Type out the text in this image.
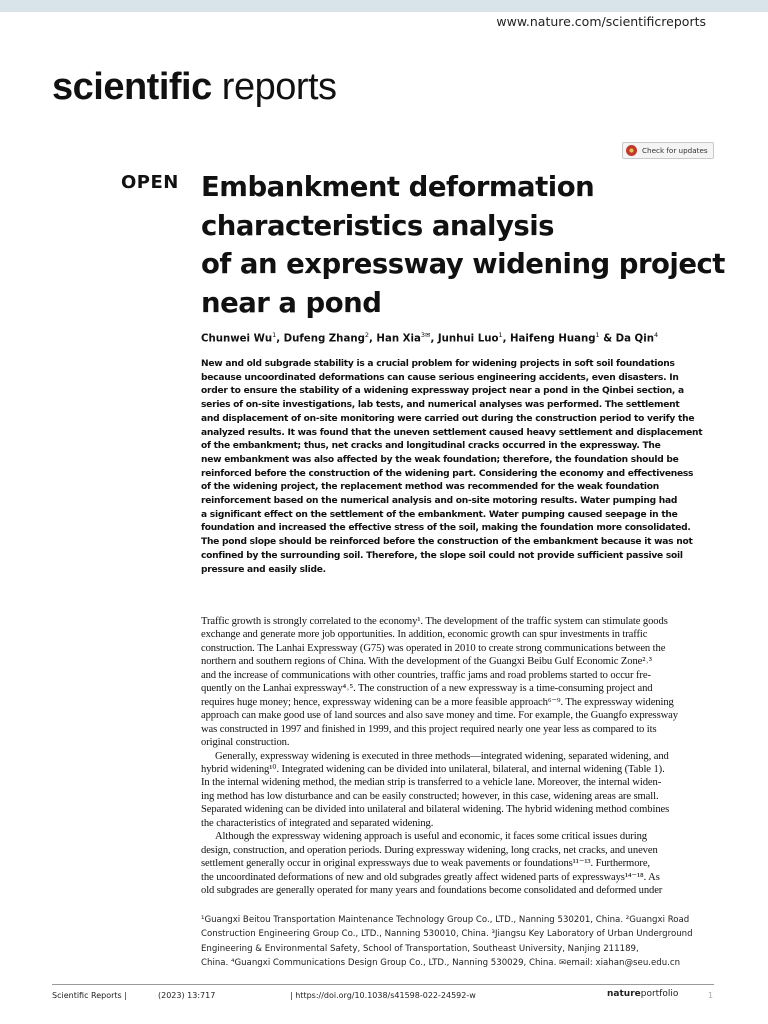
www.nature.com/scientificreports
scientific reports
Check for updates
OPEN Embankment deformation
characteristics analysis
of an expressway widening project
near a pond
Chunwei Wu$^1$, Dufeng Zhang$^2$, Han Xia$^{3✉}$, Junhui Luo$^1$, Haifeng Huang$^1$ & Da Qin$^4$
New and old subgrade stability is a crucial problem for widening projects in soft soil foundations
because uncoordinated deformations can cause serious engineering accidents, even disasters. In
order to ensure the stability of a widening expressway project near a pond in the Qinbei section, a
series of on-site investigations, lab tests, and numerical analyses was performed. The settlement
and displacement of on-site monitoring were carried out during the construction period to verify the
analyzed results. It was found that the uneven settlement caused heavy settlement and displacement
of the embankment; thus, net cracks and longitudinal cracks occurred in the expressway. The
new embankment was also affected by the weak foundation; therefore, the foundation should be
reinforced before the construction of the widening part. Considering the economy and effectiveness
of the widening project, the replacement method was recommended for the weak foundation
reinforcement based on the numerical analysis and on-site motoring results. Water pumping had
a significant effect on the settlement of the embankment. Water pumping caused seepage in the
foundation and increased the effective stress of the soil, making the foundation more consolidated.
The pond slope should be reinforced before the construction of the embankment because it was not
confined by the surrounding soil. Therefore, the slope soil could not provide sufficient passive soil
pressure and easily slide.
Traffic growth is strongly correlated to the economy¹. The development of the traffic system can stimulate goods
exchange and generate more job opportunities. In addition, economic growth can spur investments in traffic
construction. The Lanhai Expressway (G75) was operated in 2010 to create strong communications between the
northern and southern regions of China. With the development of the Guangxi Beibu Gulf Economic Zone²˒³
and the increase of communications with other countries, traffic jams and road problems started to occur fre-
quently on the Lanhai expressway⁴˒⁵. The construction of a new expressway is a time-consuming project and
requires huge money; hence, expressway widening can be a more feasible approach⁶⁻⁹. The expressway widening
approach can make good use of land sources and also save money and time. For example, the Guangfo expressway
was constructed in 1997 and finished in 1999, and this project required nearly one year less as compared to its
original construction.
Generally, expressway widening is executed in three methods—integrated widening, separated widening, and
hybrid widening¹⁰. Integrated widening can be divided into unilateral, bilateral, and internal widening (Table 1).
In the internal widening method, the median strip is transferred to a vehicle lane. Moreover, the internal widen-
ing method has low disturbance and can be easily constructed; however, in this case, widening areas are small.
Separated widening can be divided into unilateral and bilateral widening. The hybrid widening method combines
the characteristics of integrated and separated widening.
Although the expressway widening approach is useful and economic, it faces some critical issues during
design, construction, and operation periods. During expressway widening, long cracks, net cracks, and uneven
settlement generally occur in original expressways due to weak pavements or foundations¹¹⁻¹³. Furthermore,
the uncoordinated deformations of new and old subgrades greatly affect widened parts of expressways¹⁴⁻¹⁸. As
old subgrades are generally operated for many years and foundations become consolidated and deformed under
¹Guangxi Beitou Transportation Maintenance Technology Group Co., LTD., Nanning 530201, China. ²Guangxi Road
Construction Engineering Group Co., LTD., Nanning 530010, China. ³Jiangsu Key Laboratory of Urban Underground
Engineering & Environmental Safety, School of Transportation, Southeast University, Nanjing 211189,
China. ⁴Guangxi Communications Design Group Co., LTD., Nanning 530029, China. ✉email: xiahan@seu.edu.cn
Scientific Reports |	(2023) 13:717	| https://doi.org/10.1038/s41598-022-24592-w	natureportfolio	1
